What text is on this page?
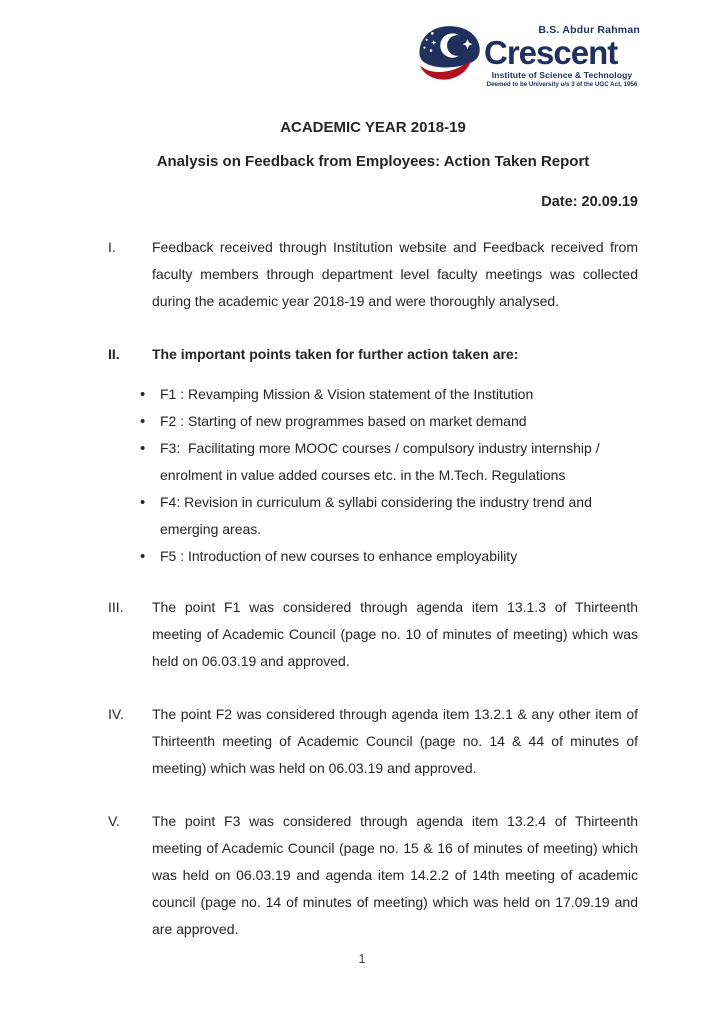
B.S. Abdur Rahman
Crescent
Institute of Science & Technology
Deemed to be University u/s 3 of the UGC Act, 1956
ACADEMIC YEAR 2018-19
Analysis on Feedback from Employees: Action Taken Report
Date: 20.09.19
I.	Feedback received through Institution website and Feedback received from faculty members through department level faculty meetings was collected during the academic year 2018-19 and were thoroughly analysed.
II.	The important points taken for further action taken are:
•
F1 : Revamping Mission & Vision statement of the Institution
•
F2 : Starting of new programmes based on market demand
•
F3:  Facilitating more MOOC courses / compulsory industry internship / enrolment in value added courses etc. in the M.Tech. Regulations
•
F4: Revision in curriculum & syllabi considering the industry trend and emerging areas.
•
F5 : Introduction of new courses to enhance employability
III.	The point F1 was considered through agenda item 13.1.3 of Thirteenth meeting of Academic Council (page no. 10 of minutes of meeting) which was held on 06.03.19 and approved.
IV.	The point F2 was considered through agenda item 13.2.1 & any other item of Thirteenth meeting of Academic Council (page no. 14 & 44 of minutes of meeting) which was held on 06.03.19 and approved.
V.	The point F3 was considered through agenda item 13.2.4 of Thirteenth meeting of Academic Council (page no. 15 & 16 of minutes of meeting) which was held on 06.03.19 and agenda item 14.2.2 of 14th meeting of academic council (page no. 14 of minutes of meeting) which was held on 17.09.19 and are approved.
1
